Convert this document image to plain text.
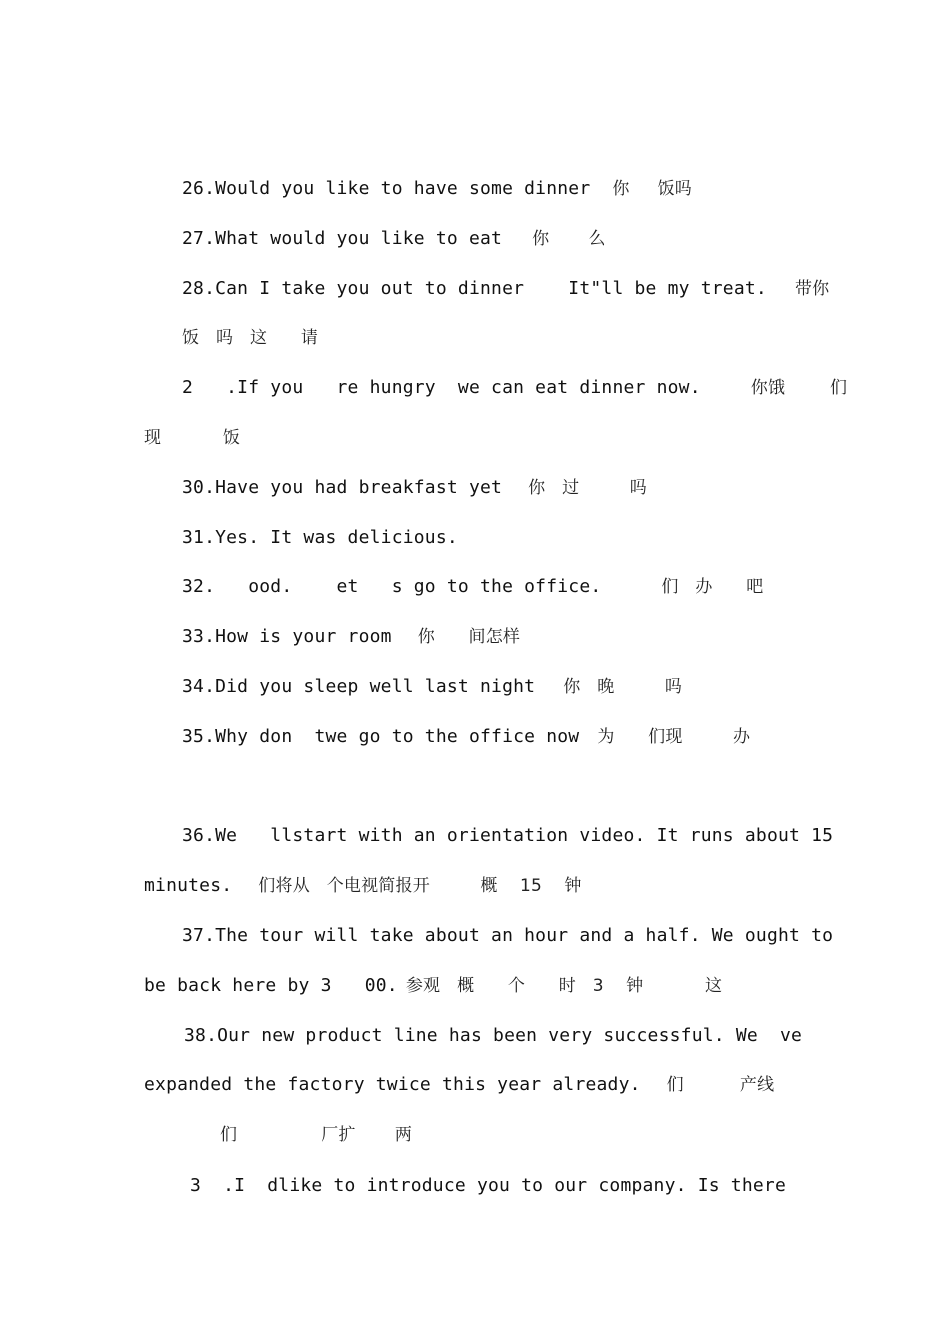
26.Would you like to have some dinner 你     饭吗
27.What would you like to eat 你       么
28.Can I take you out to dinner    It"ll be my treat. 带你
饭   吗   这      请
2   .If you   re hungry  we can eat dinner now.	你饿        们
现           饭
30.Have you had breakfast yet 你   过         吗
31.Yes. It was delicious.
32.   ood.    et   s go to the office.	们   办      吧
33.How is your room 你      间怎样
34.Did you sleep well last night 你   晚         吗
35.Why don  twe go to the office now 为      们现         办
36.We   llstart with an orientation video. It runs about 15
minutes. 们将从   个电视简报开         概    15    钟
37.The tour will take about an hour and a half. We ought to
be back here by 3   00. 参观   概      个      时   3    钟           这
38.Our new product line has been very successful. We  ve
expanded the factory twice this year already. 们          产线
们               厂扩       两
3  .I  dlike to introduce you to our company. Is there
